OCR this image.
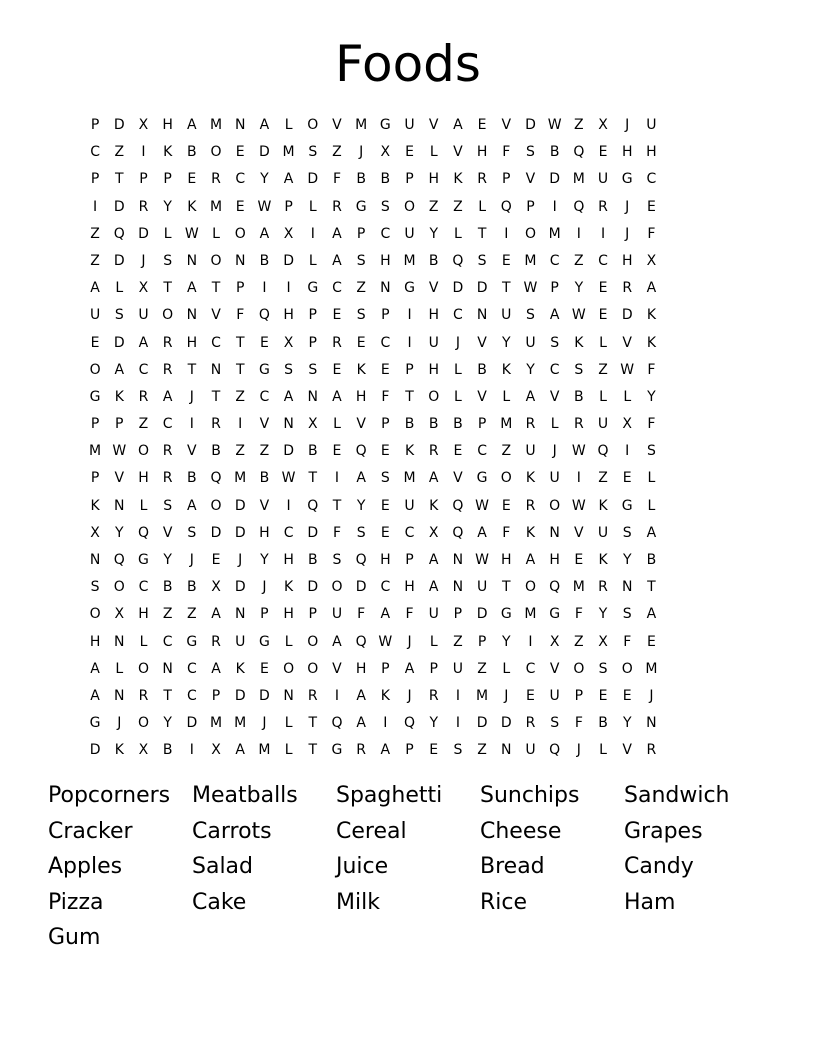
Foods
P	D	X	H	A M N	A	L	O V M G U	V	A	E	V	D W Z	X	J	U
C	Z	I	K	B O	E	D M S	Z	J	X	E	L	V	H	F	S	B Q	E	H H
P	T	P	P	E	R	C	Y	A	D	F	B	B	P	H	K	R	P	V	D M U G C
I	D R	Y	K M E W P	L	R G	S	O Z	Z	L	Q	P	I	Q R	J	E
Z Q D	L W L	O A	X	I	A	P	C	U	Y	L	T	I	O M	I	I	J	F
Z	D	J	S	N O N	B	D	L	A	S	H M B Q	S	E M C	Z	C	H	X
A	L	X	T	A	T	P	I	I	G C	Z	N G V	D D	T W P	Y	E	R	A
U	S	U O N	V	F	Q H	P	E	S	P	I	H	C	N U	S	A W E	D	K
E	D	A	R	H	C	T	E	X	P	R	E	C	I	U	J	V	Y	U	S	K	L	V	K
O A	C	R	T	N	T	G	S	S	E	K	E	P	H	L	B	K	Y	C	S	Z W F
G	K	R	A	J	T	Z	C	A	N	A	H	F	T	O	L	V	L	A	V	B	L	L	Y
P	P	Z	C	I	R	I	V	N	X	L	V	P	B	B	B	P M R	L	R	U	X	F
M W O R	V	B	Z	Z	D B	E	Q	E	K	R	E	C	Z	U	J	W Q	I	S
P	V	H	R	B Q M B W T	I	A	S M A	V G O	K	U	I	Z	E	L
K	N	L	S	A O D	V	I	Q	T	Y	E	U	K	Q W E	R O W K	G	L
X	Y	Q V	S	D D H	C D	F	S	E	C	X Q A	F	K	N	V	U	S	A
N Q G	Y	J	E	J	Y	H	B	S	Q H	P	A	N W H	A	H	E	K	Y	B
S	O C	B	B	X	D	J	K	D O D C	H	A	N U	T	O Q M R	N	T
O X	H	Z	Z	A	N	P	H	P	U	F	A	F	U	P	D G M G	F	Y	S	A
H N	L	C G R	U G	L	O A Q W	J	L	Z	P	Y	I	X	Z	X	F	E
A	L	O N	C	A	K	E	O O V	H	P	A	P	U	Z	L	C	V O	S	O M
A	N	R	T	C	P	D D N	R	I	A	K	J	R	I	M	J	E	U	P	E	E	J
G	J	O	Y	D M M	J	L	T	Q A	I	Q	Y	I	D D R	S	F	B	Y	N
D	K	X	B	I	X	A M	L	T	G R	A	P	E	S	Z	N U Q	J	L	V	R
Popcorners Meatballs	Spaghetti	Sunchips	Sandwich
Cracker	Carrots	Cereal	Cheese	Grapes
Apples	Salad	Juice	Bread	Candy
Pizza	Cake	Milk	Rice	Ham
Gum
